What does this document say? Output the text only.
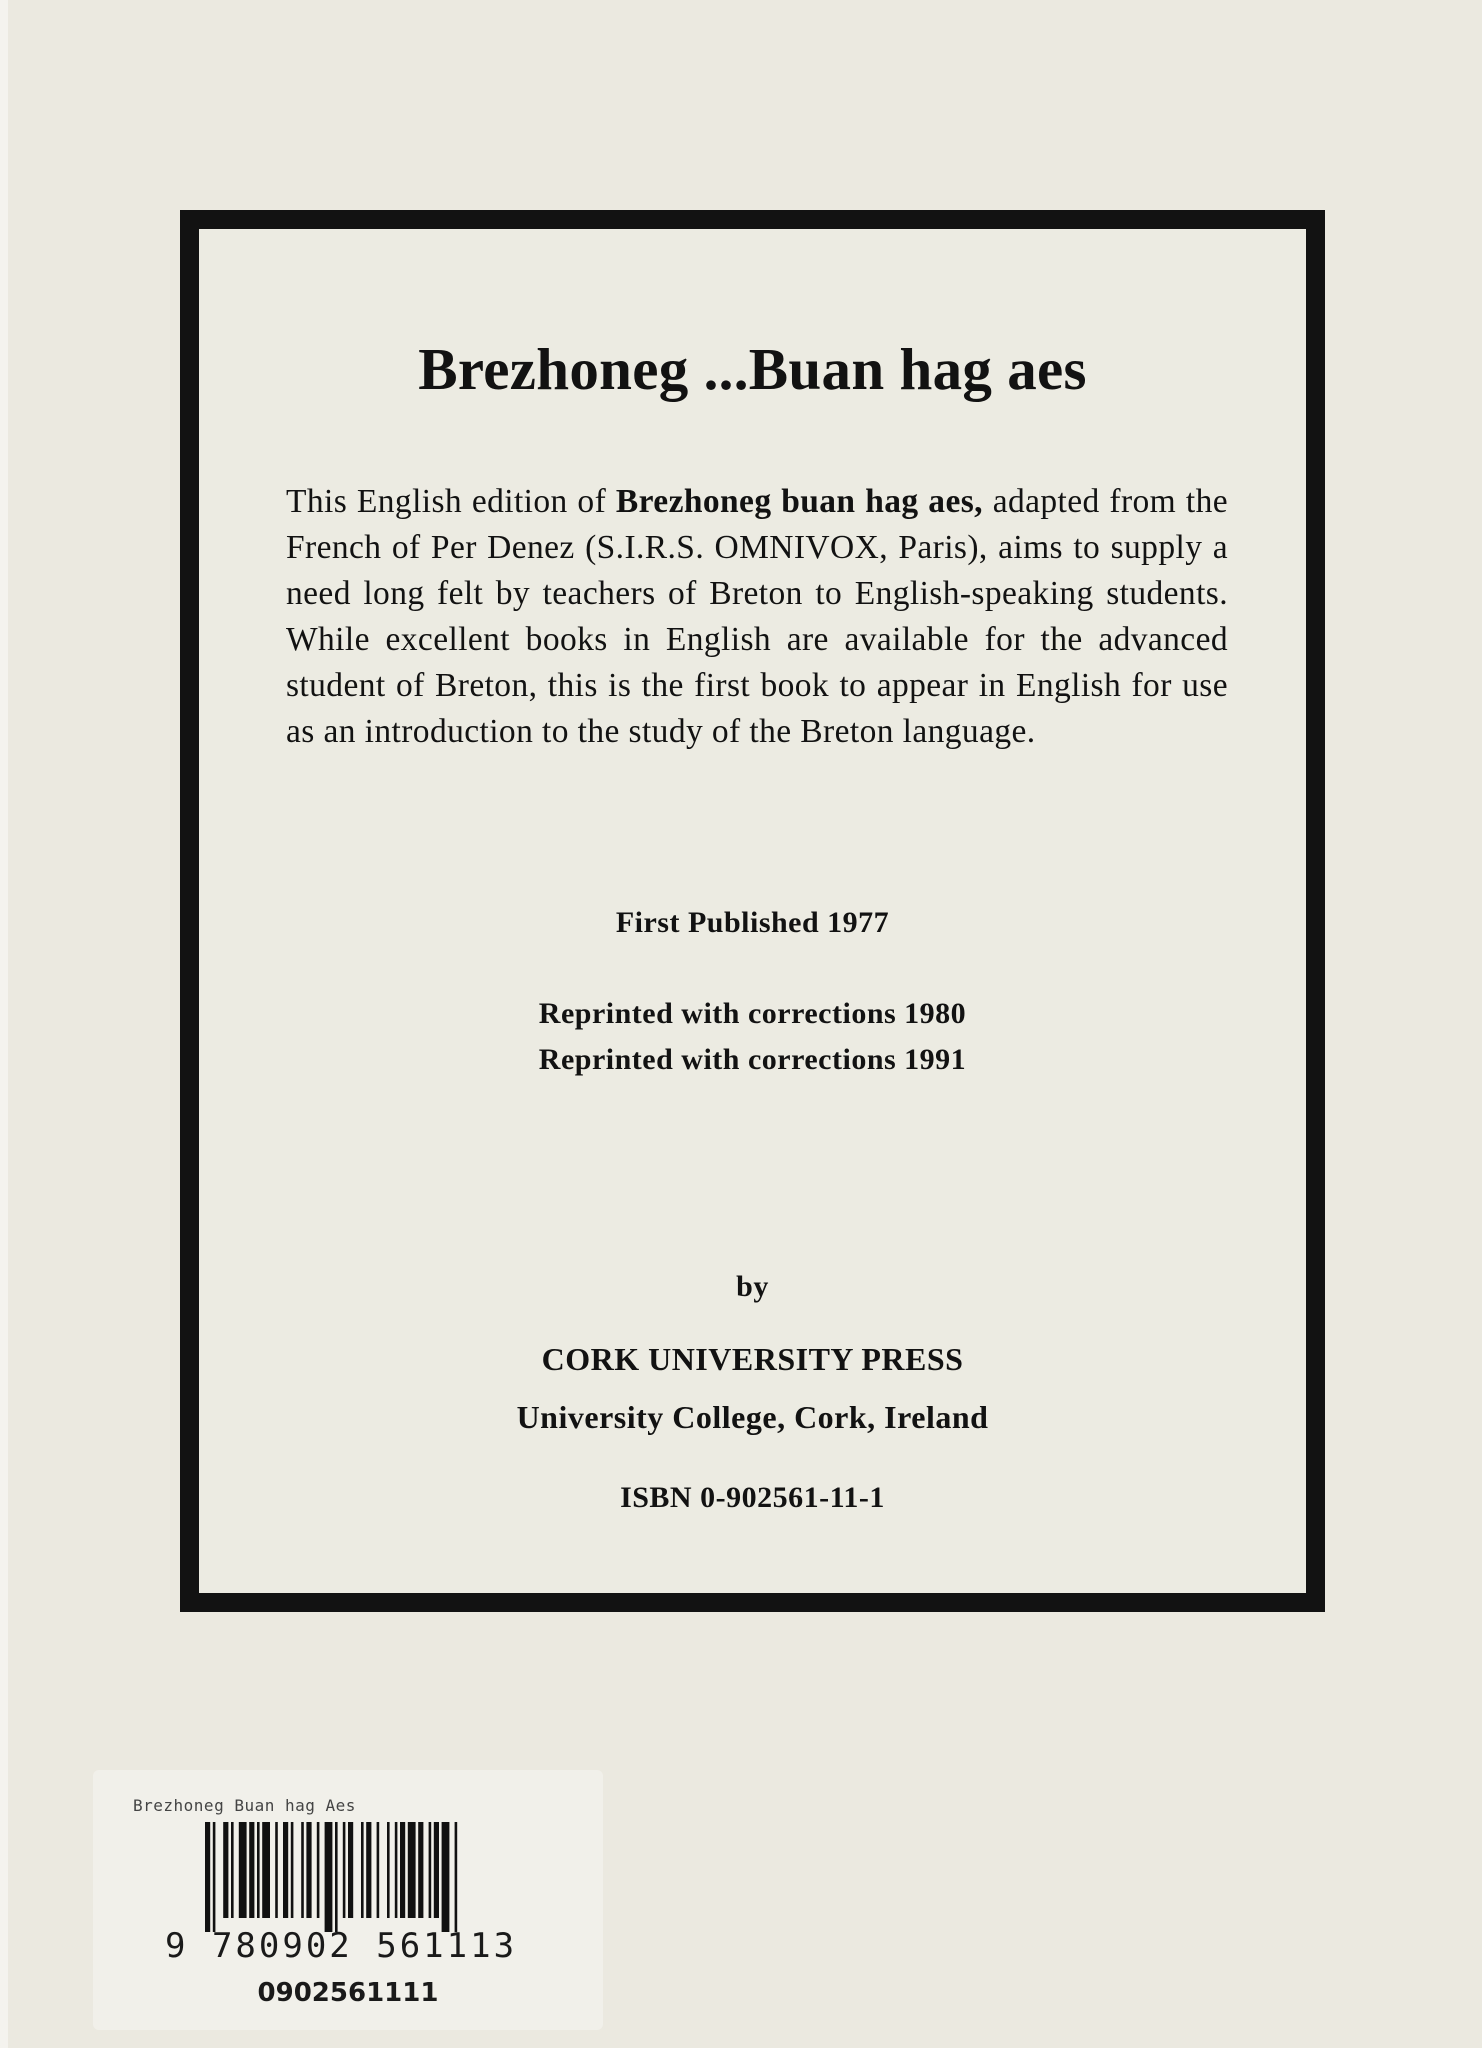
Brezhoneg ...Buan hag aes
This English edition of Brezhoneg buan hag aes, adapted from the French of Per Denez (S.I.R.S. OMNIVOX, Paris), aims to supply a need long felt by teachers of Breton to English-speaking students. While excellent books in English are available for the advanced student of Breton, this is the first book to appear in English for use as an introduction to the study of the Breton language.
First Published 1977
Reprinted with corrections 1980
Reprinted with corrections 1991
by
CORK UNIVERSITY PRESS
University College, Cork, Ireland
ISBN 0-902561-11-1
Brezhoneg Buan hag Aes
9 780902 561113
0902561111
